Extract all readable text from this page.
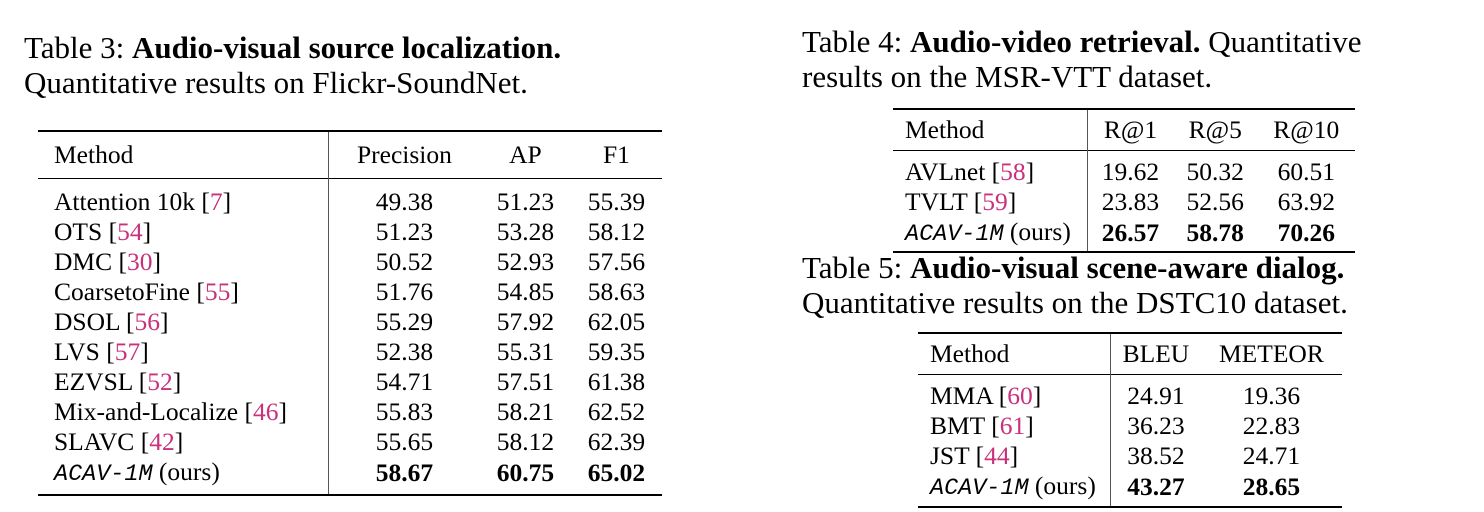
Table 3: Audio-visual source localization.
Quantitative results on Flickr-SoundNet.
Method	Precision	AP	F1
Attention 10k [7]	49.38	51.23	55.39
OTS [54]	51.23	53.28	58.12
DMC [30]	50.52	52.93	57.56
CoarsetoFine [55]	51.76	54.85	58.63
DSOL [56]	55.29	57.92	62.05
LVS [57]	52.38	55.31	59.35
EZVSL [52]	54.71	57.51	61.38
Mix-and-Localize [46]	55.83	58.21	62.52
SLAVC [42]	55.65	58.12	62.39
ACAV-1M (ours)	58.67	60.75	65.02
Table 4: Audio-video retrieval. Quantitative
results on the MSR-VTT dataset.
Method	R@1	R@5	R@10
AVLnet [58]	19.62	50.32	60.51
TVLT [59]	23.83	52.56	63.92
ACAV-1M (ours)	26.57	58.78	70.26
Table 5: Audio-visual scene-aware dialog.
Quantitative results on the DSTC10 dataset.
Method	BLEU	METEOR
MMA [60]	24.91	19.36
BMT [61]	36.23	22.83
JST [44]	38.52	24.71
ACAV-1M (ours)	43.27	28.65
